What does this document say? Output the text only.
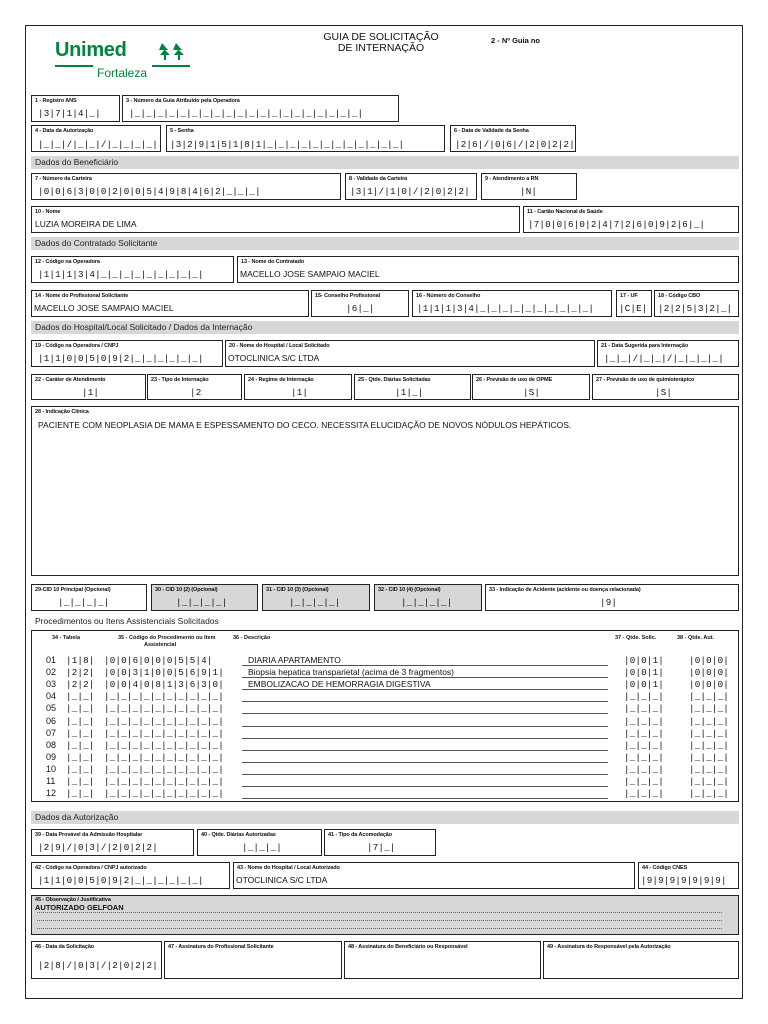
Unimed
Fortaleza
GUIA DE SOLICITAÇÃO
DE INTERNAÇÃO
2 - Nº Guia no
1 - Registro ANS
|3|7|1|4|_|
3 - Número da Guia Atribuído pela Operadora
|_|_|_|_|_|_|_|_|_|_|_|_|_|_|_|_|_|_|_|_|
4 - Data da Autorização
|_|_|/|_|_|/|_|_|_|_|
5 - Senha
|3|2|9|1|5|1|8|1|_|_|_|_|_|_|_|_|_|_|_|_|
6 - Data de Validade da Senha
|2|6|/|0|6|/|2|0|2|2|
Dados do Beneficiário
7 - Número da Carteira
|0|0|6|3|0|0|2|0|0|5|4|9|8|4|6|2|_|_|_|
8 - Validade da Carteira
|3|1|/|1|0|/|2|0|2|2|
9 - Atendimento a RN
|N|
10 - Nome
LUZIA MOREIRA DE LIMA
11 - Cartão Nacional de Saúde
|7|0|0|6|0|2|4|7|2|6|0|9|2|6|_|
Dados do Contratado Solicitante
12 - Código na Operadora
|1|1|1|3|4|_|_|_|_|_|_|_|_|_|
13 - Nome do Contratado
MACELLO JOSE SAMPAIO MACIEL
14 - Nome do Profissional Solicitante
MACELLO JOSE SAMPAIO MACIEL
15- Conselho Profissional
|6|_|
16 - Número do Conselho
|1|1|1|3|4|_|_|_|_|_|_|_|_|_|_|
17 - UF
|C|E|
18 - Código CBO
|2|2|5|3|2|_|
Dados do Hospital/Local Solicitado / Dados da Internação
19 - Código na Operadora / CNPJ
|1|1|0|0|5|0|9|2|_|_|_|_|_|_|
20 - Nome do Hospital / Local Solicitado
OTOCLINICA S/C LTDA
21 - Data Sugerida para Internação
|_|_|/|_|_|/|_|_|_|_|
22 - Caráter de Atendimento
|1|
23 - Tipo de Internação
|2
24 - Regime de Internação
|1|
25 - Qtde. Diárias Solicitadas
|1|_|
26 - Previsão de uso de OPME
|S|
27 - Previsão de uso de quimioterápico
|S|
28 - Indicação Clínica
PACIENTE COM NEOPLASIA DE MAMA E ESPESSAMENTO DO CECO. NECESSITA ELUCIDAÇÃO DE NOVOS NÓDULOS HEPÁTICOS.
29-CID 10 Principal (Opcional)
|_|_|_|_|
30 - CID 10 (2) (Opcional)
|_|_|_|_|
31 - CID 10 (3) (Opcional)
|_|_|_|_|
32 - CID 10 (4) (Opcional)
|_|_|_|_|
33 - Indicação de Acidente (acidente ou doença relacionada)
|9|
Procedimentos ou Itens Assistenciais Solicitados
34 - Tabela	35 - Código do Procedimento ou Item
Assistencial
36 - Descrição	37 - Qtde. Solic.	38 - Qtde. Aut.
01 |1|8| |0|0|6|0|0|0|5|5|4|	DIARIA APARTAMENTO	|0|0|1|	|0|0|0|
02 |2|2| |0|0|3|1|0|0|5|6|9|1|	Biopsia hepatica transparietal (acima de 3 fragmentos)	|0|0|1|	|0|0|0|
03 |2|2| |0|0|4|0|8|1|3|6|3|0|	EMBOLIZACAO DE HEMORRAGIA DIGESTIVA	|0|0|1|	|0|0|0|
04 |_|_| |_|_|_|_|_|_|_|_|_|_|	|_|_|_|	|_|_|_|
05 |_|_| |_|_|_|_|_|_|_|_|_|_|	|_|_|_|	|_|_|_|
06 |_|_| |_|_|_|_|_|_|_|_|_|_|	|_|_|_|	|_|_|_|
07 |_|_| |_|_|_|_|_|_|_|_|_|_|	|_|_|_|	|_|_|_|
08 |_|_| |_|_|_|_|_|_|_|_|_|_|	|_|_|_|	|_|_|_|
09 |_|_| |_|_|_|_|_|_|_|_|_|_|	|_|_|_|	|_|_|_|
10 |_|_| |_|_|_|_|_|_|_|_|_|_|	|_|_|_|	|_|_|_|
11 |_|_| |_|_|_|_|_|_|_|_|_|_|	|_|_|_|	|_|_|_|
12 |_|_| |_|_|_|_|_|_|_|_|_|_|	|_|_|_|	|_|_|_|
Dados da Autorização
39 - Data Provável da Admissão Hospitalar
|2|9|/|0|3|/|2|0|2|2|
40 - Qtde. Diárias Autorizadas
|_|_|_|
41 - Tipo da Acomodação
|7|_|
42 - Código na Operadora / CNPJ autorizado
|1|1|0|0|5|0|9|2|_|_|_|_|_|_|
43 - Nome do Hospital / Local Autorizado
OTOCLINICA S/C LTDA
44 - Código CNES
|9|9|9|9|9|9|9|
45 - Observação / Justificativa
AUTORIZADO GELFOAN
46 - Data da Solicitação
|2|8|/|0|3|/|2|0|2|2|
47 - Assinatura do Profissional Solicitante	48 - Assinatura do Beneficiário ou Responsável	49 - Assinatura do Responsável pela Autorização
